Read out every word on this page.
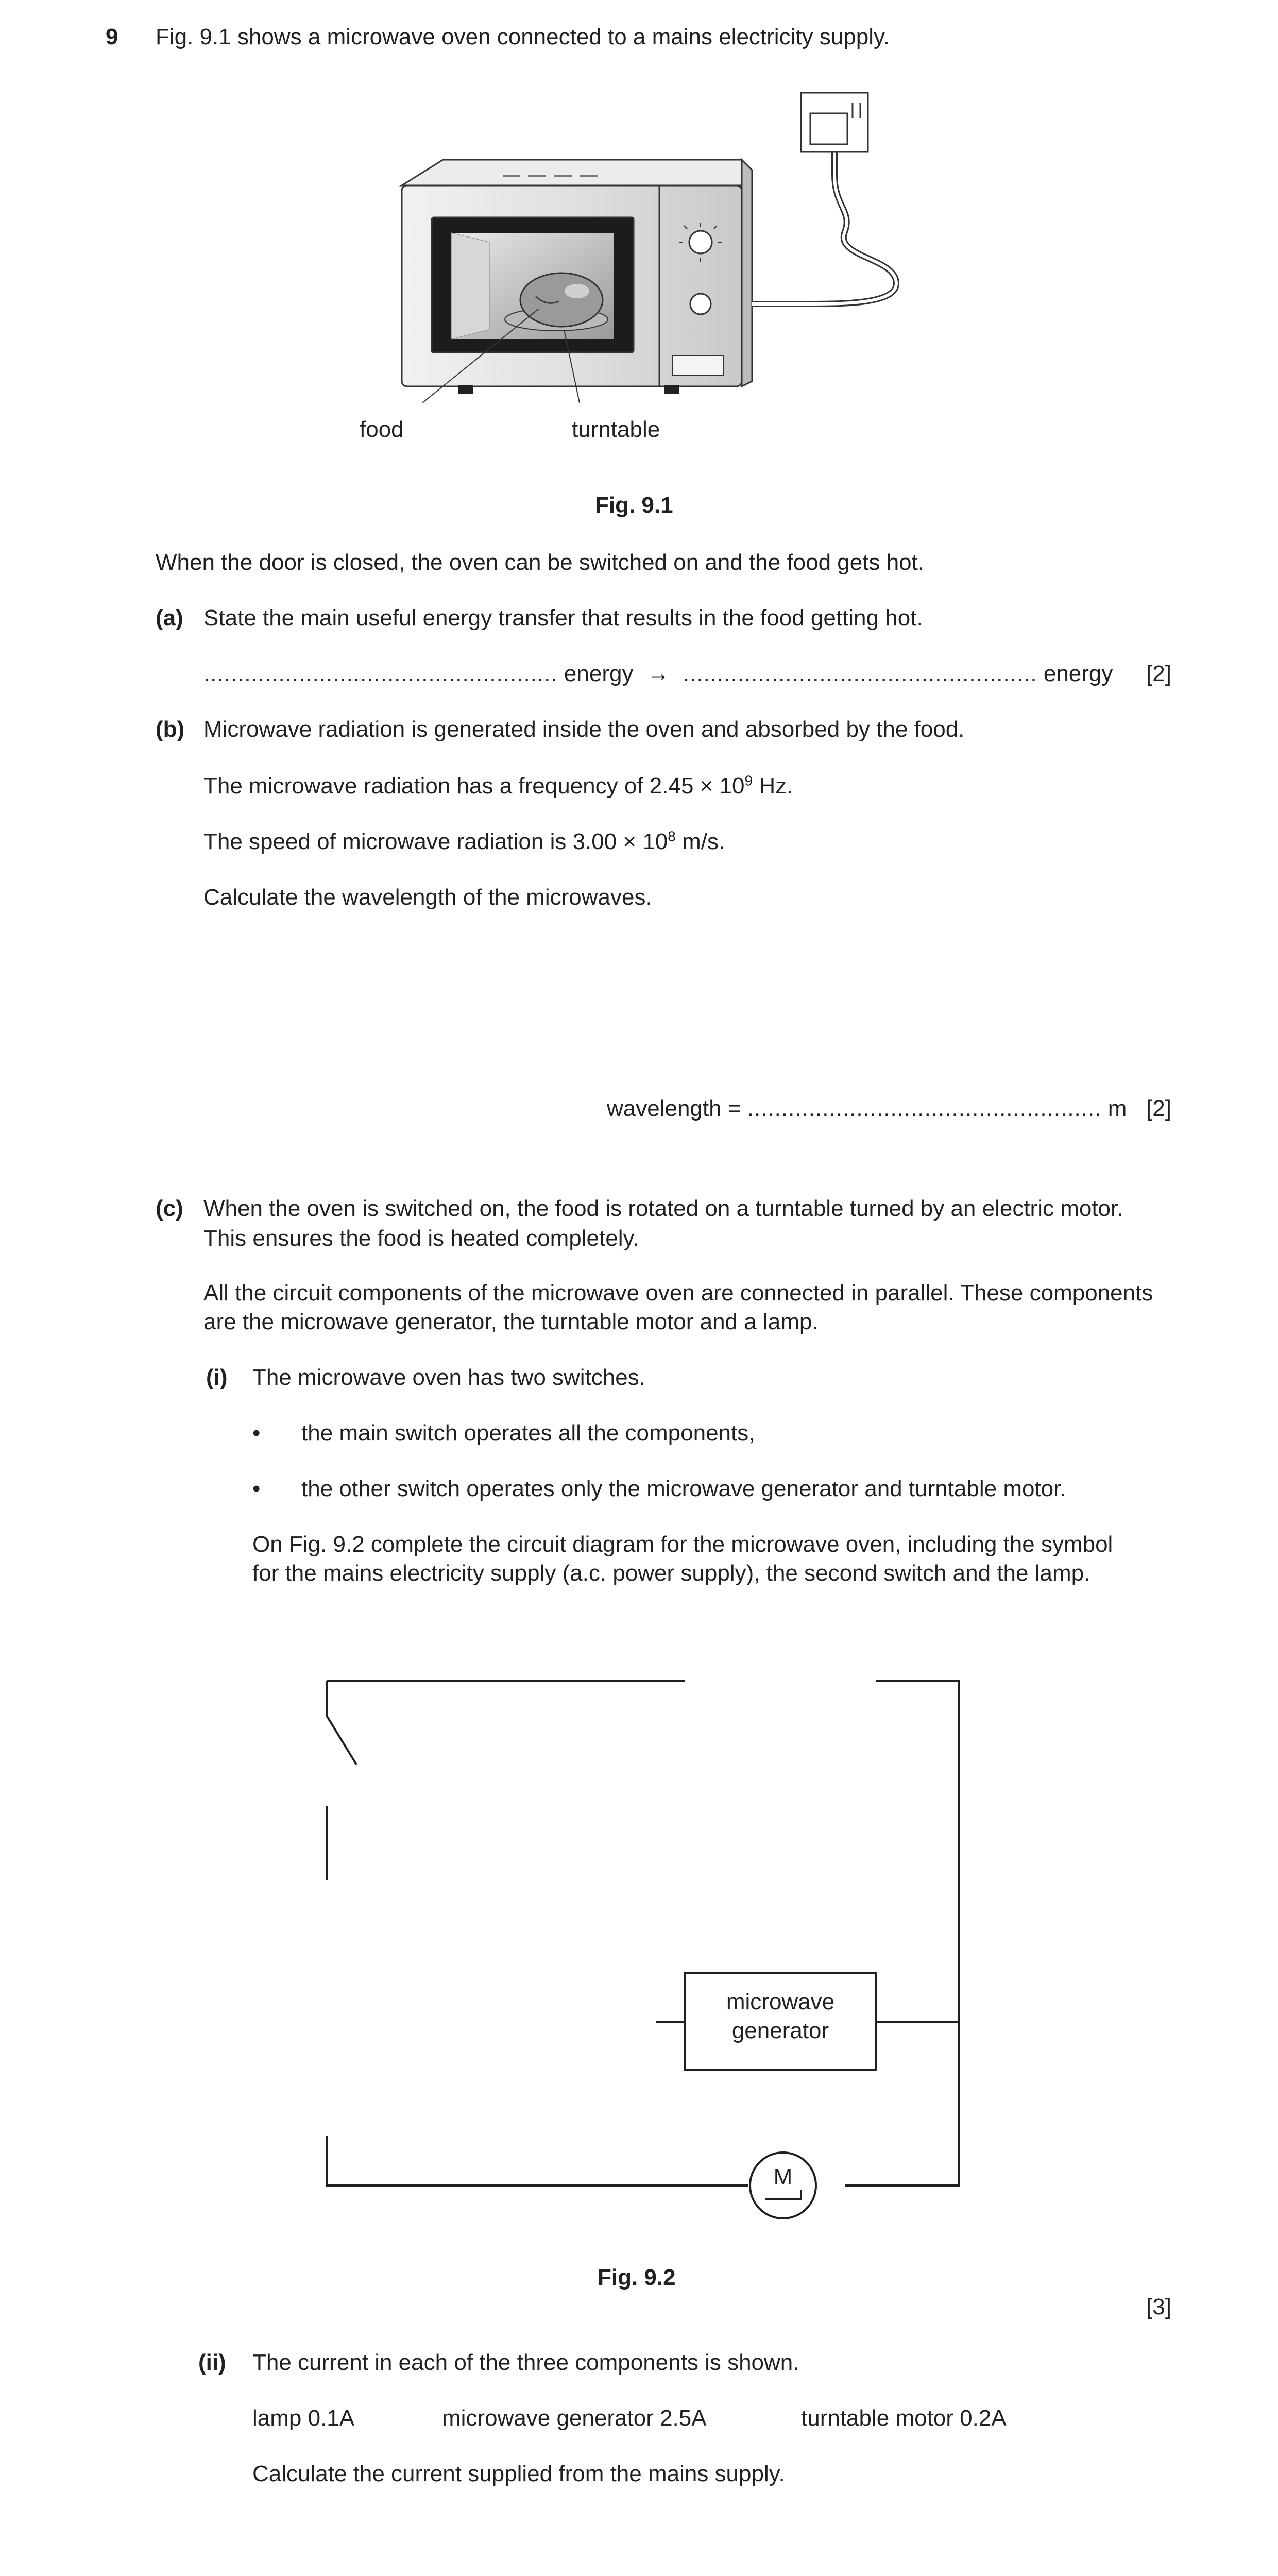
9 Fig. 9.1 shows a microwave oven connected to a mains electricity supply.
food	turntable
Fig. 9.1
When the door is closed, the oven can be switched on and the food gets hot.
(a) State the main useful energy transfer that results in the food getting hot.
.................................................... energy → .................................................... energy [2]
(b) Microwave radiation is generated inside the oven and absorbed by the food.
The microwave radiation has a frequency of $2.45 \times 10^9$ Hz.
The speed of microwave radiation is $3.00 \times 10^8$ m/s.
Calculate the wavelength of the microwaves.
wavelength = .................................................... m [2]
(c) When the oven is switched on, the food is rotated on a turntable turned by an electric motor.
This ensures the food is heated completely.
All the circuit components of the microwave oven are connected in parallel. These components
are the microwave generator, the turntable motor and a lamp.
(i) The microwave oven has two switches.
• the main switch operates all the components,
• the other switch operates only the microwave generator and turntable motor.
On Fig. 9.2 complete the circuit diagram for the microwave oven, including the symbol
for the mains electricity supply (a.c. power supply), the second switch and the lamp.
microwave
generator
M
Fig. 9.2
[3]
(ii) The current in each of the three components is shown.
lamp 0.1A	microwave generator 2.5A	turntable motor 0.2A
Calculate the current supplied from the mains supply.
